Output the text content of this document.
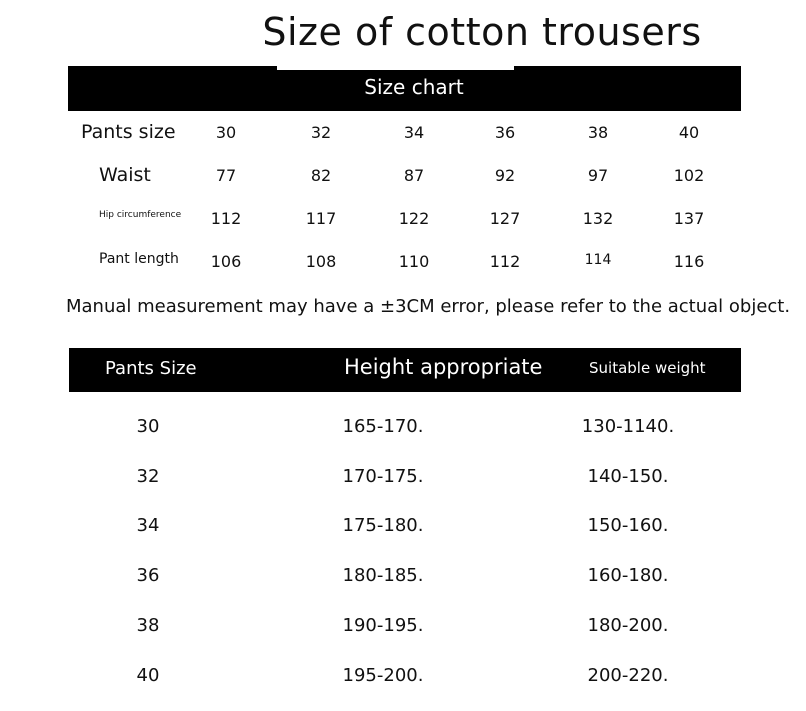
Size of cotton trousers
Size chart
Pants size	30	32	34	36	38	40
Waist	77	82	87	92	97	102
Hip circumference	112	117	122	127	132	137
Pant length	106	108	110	112	114	116
Manual measurement may have a ±3CM error, please refer to the actual object.
Pants Size	Height appropriate	Suitable weight
30	165-170.	130-1140.
32	170-175.	140-150.
34	175-180.	150-160.
36	180-185.	160-180.
38	190-195.	180-200.
40	195-200.	200-220.
